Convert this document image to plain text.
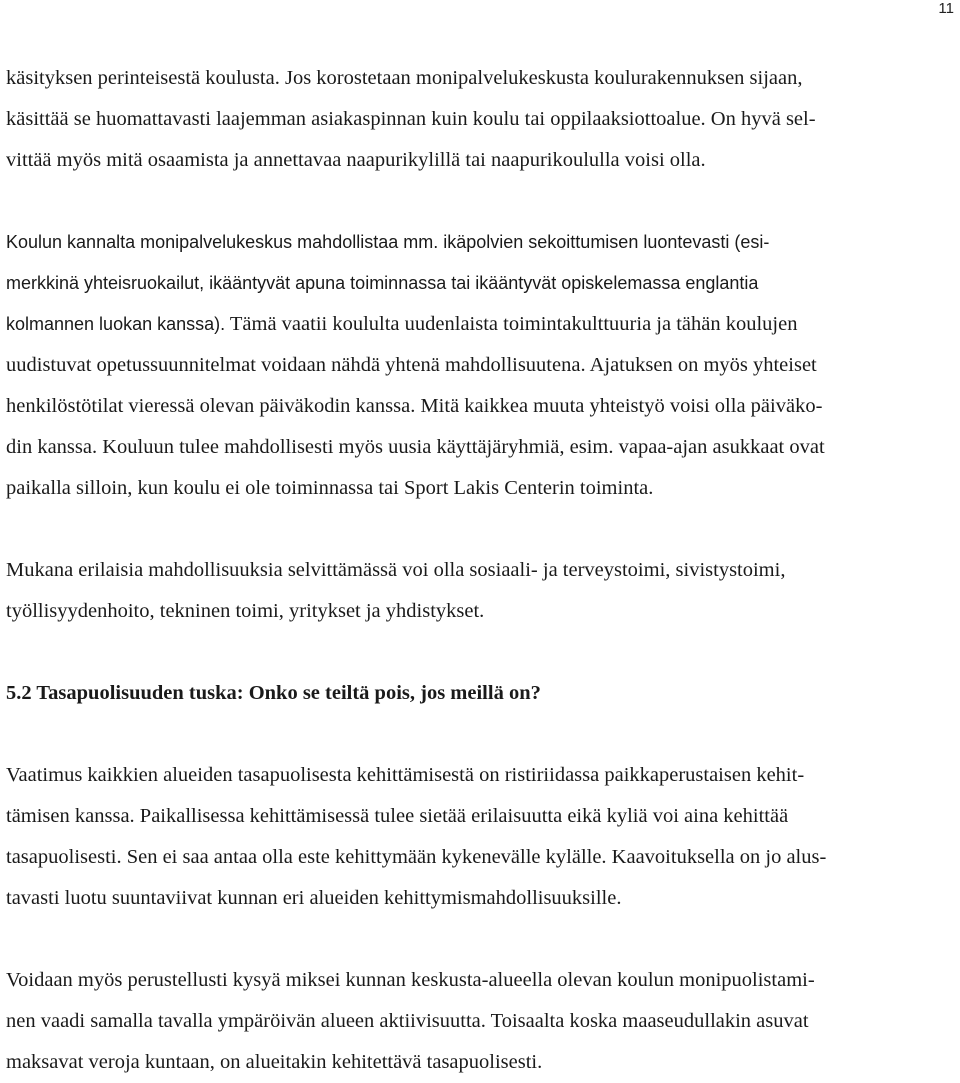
11

käsityksen perinteisestä koulusta. Jos korostetaan monipalvelukeskusta koulurakennuksen sijaan,
käsittää se huomattavasti laajemman asiakaspinnan kuin koulu tai oppilaaksiottoalue. On hyvä sel-
vittää myös mitä osaamista ja annettavaa naapurikylillä tai naapurikoululla voisi olla.

Koulun kannalta monipalvelukeskus mahdollistaa mm. ikäpolvien sekoittumisen luontevasti (esi-
merkkinä yhteisruokailut, ikääntyvät apuna toiminnassa tai ikääntyvät opiskelemassa englantia
kolmannen luokan kanssa). Tämä vaatii koululta uudenlaista toimintakulttuuria ja tähän koulujen
uudistuvat opetussuunnitelmat voidaan nähdä yhtenä mahdollisuutena. Ajatuksen on myös yhteiset
henkilöstötilat vieressä olevan päiväkodin kanssa. Mitä kaikkea muuta yhteistyö voisi olla päiväko-
din kanssa. Kouluun tulee mahdollisesti myös uusia käyttäjäryhmiä, esim. vapaa-ajan asukkaat ovat
paikalla silloin, kun koulu ei ole toiminnassa tai Sport Lakis Centerin toiminta.

Mukana erilaisia mahdollisuuksia selvittämässä voi olla sosiaali- ja terveystoimi, sivistystoimi,
työllisyydenhoito, tekninen toimi, yritykset ja yhdistykset.

5.2 Tasapuolisuuden tuska: Onko se teiltä pois, jos meillä on?

Vaatimus kaikkien alueiden tasapuolisesta kehittämisestä on ristiriidassa paikkaperustaisen kehit-
tämisen kanssa. Paikallisessa kehittämisessä tulee sietää erilaisuutta eikä kyliä voi aina kehittää
tasapuolisesti. Sen ei saa antaa olla este kehittymään kykenevälle kylälle. Kaavoituksella on jo alus-
tavasti luotu suuntaviivat kunnan eri alueiden kehittymismahdollisuuksille.

Voidaan myös perustellusti kysyä miksei kunnan keskusta-alueella olevan koulun monipuolistami-
nen vaadi samalla tavalla ympäröivän alueen aktiivisuutta. Toisaalta koska maaseudullakin asuvat
maksavat veroja kuntaan, on alueitakin kehitettävä tasapuolisesti.
